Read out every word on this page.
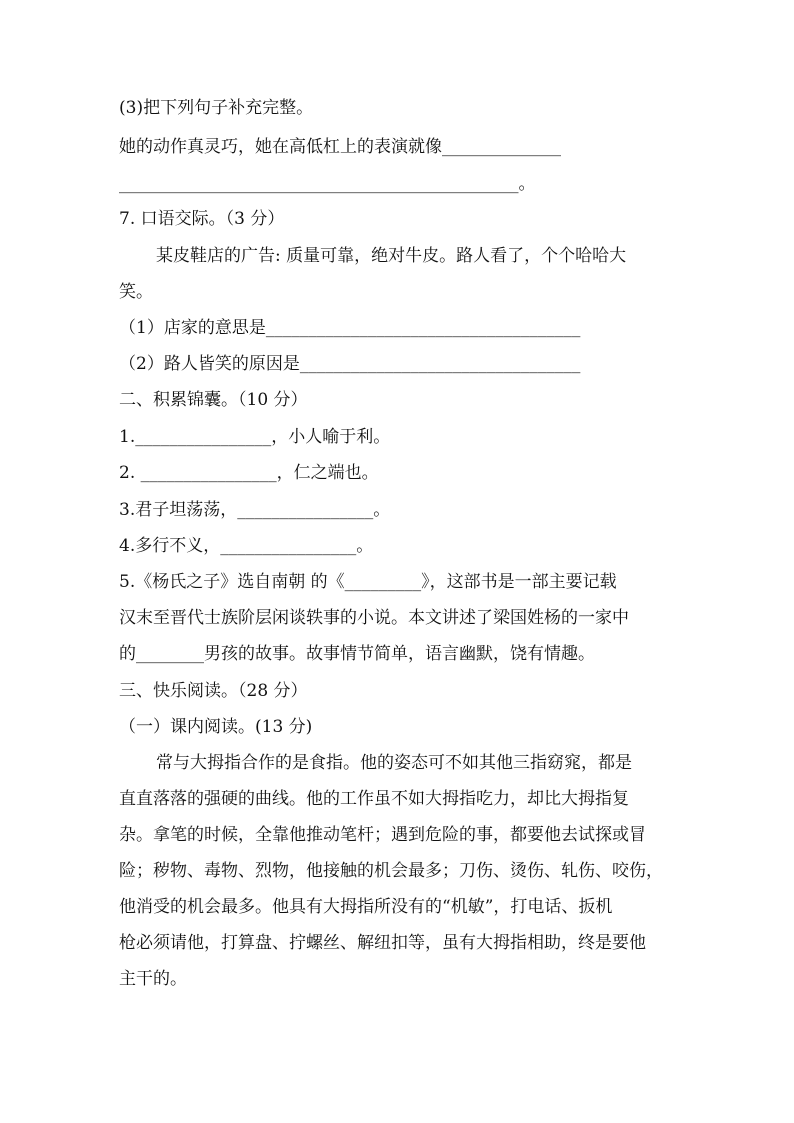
(3)把下列句子补充完整。
她的动作真灵巧，她在高低杠上的表演就像______________
_______________________________________________。
7. 口语交际。（3 分）
某皮鞋店的广告: 质量可靠，绝对牛皮。路人看了，个个哈哈大
笑。
（1）店家的意思是_____________________________________
（2）路人皆笑的原因是_________________________________
二、积累锦囊。（10 分）
1.________________，小人喻于利。
2. ________________，仁之端也。
3.君子坦荡荡，________________。
4.多行不义，________________。
5.《杨氏之子》选自南朝 的《_________》，这部书是一部主要记载
汉末至晋代士族阶层闲谈轶事的小说。本文讲述了梁国姓杨的一家中
的________男孩的故事。故事情节简单，语言幽默，饶有情趣。
三、快乐阅读。（28 分）
（一）课内阅读。(13 分)
常与大拇指合作的是食指。他的姿态可不如其他三指窈窕，都是
直直落落的强硬的曲线。他的工作虽不如大拇指吃力，却比大拇指复
杂。拿笔的时候，全靠他推动笔杆；遇到危险的事，都要他去试探或冒
险；秽物、毒物、烈物，他接触的机会最多；刀伤、烫伤、轧伤、咬伤，
他消受的机会最多。他具有大拇指所没有的“机敏”，打电话、扳机
枪必须请他，打算盘、拧螺丝、解纽扣等，虽有大拇指相助，终是要他
主干的。
